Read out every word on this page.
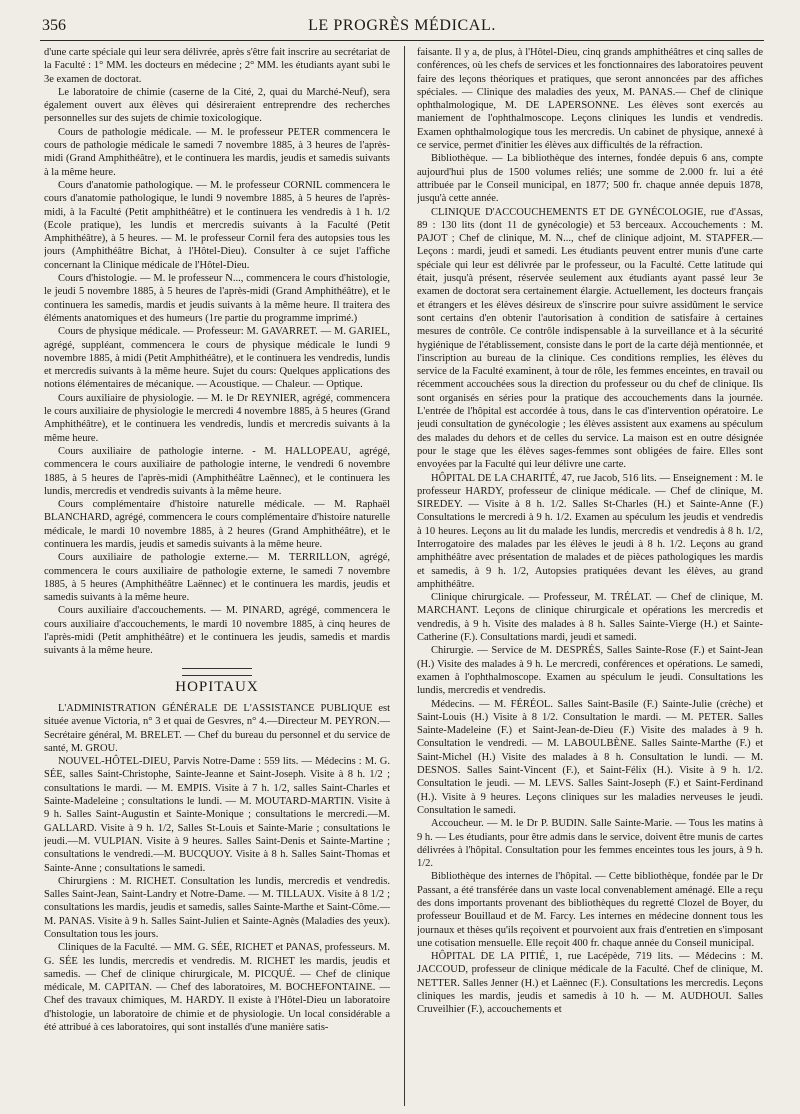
356	LE PROGRÈS MÉDICAL.

d'une carte spéciale qui leur sera délivrée, après s'être fait inscrire au secrétariat de la Faculté : 1° MM. les docteurs en médecine ; 2° MM. les étudiants ayant subi le 3e examen de doctorat.

Le laboratoire de chimie (caserne de la Cité, 2, quai du Marché-Neuf), sera également ouvert aux élèves qui désireraient entreprendre des recherches personnelles sur des sujets de chimie toxicologique.

Cours de pathologie médicale. — M. le professeur PETER commencera le cours de pathologie médicale le samedi 7 novembre 1885, à 3 heures de l'après-midi (Grand Amphithéâtre), et le continuera les mardis, jeudis et samedis suivants à la même heure.

Cours d'anatomie pathologique. — M. le professeur CORNIL commencera le cours d'anatomie pathologique, le lundi 9 novembre 1885, à 5 heures de l'après-midi, à la Faculté (Petit amphithéâtre) et le continuera les vendredis à 1 h. 1/2 (Ecole pratique), les lundis et mercredis suivants à la Faculté (Petit Amphithéâtre), à 5 heures. — M. le professeur Cornil fera des autopsies tous les jours (Amphithéâtre Bichat, à l'Hôtel-Dieu). Consulter à ce sujet l'affiche concernant la Clinique médicale de l'Hôtel-Dieu.

Cours d'histologie. — M. le professeur N..., commencera le cours d'histologie, le jeudi 5 novembre 1885, à 5 heures de l'après-midi (Grand Amphithéâtre), et le continuera les samedis, mardis et jeudis suivants à la même heure. Il traitera des éléments anatomiques et des humeurs (1re partie du programme imprimé.)

Cours de physique médicale. — Professeur: M. GAVARRET. — M. GARIEL, agrégé, suppléant, commencera le cours de physique médicale le lundi 9 novembre 1885, à midi (Petit Amphithéâtre), et le continuera les vendredis, lundis et mercredis suivants à la même heure. Sujet du cours: Quelques applications des notions élémentaires de mécanique. — Acoustique. — Chaleur. — Optique.

Cours auxiliaire de physiologie. — M. le Dr REYNIER, agrégé, commencera le cours auxiliaire de physiologie le mercredi 4 novembre 1885, à 5 heures (Grand Amphithéâtre), et le continuera les vendredis, lundis et mercredis suivants à la même heure.

Cours auxiliaire de pathologie interne. - M. HALLOPEAU, agrégé, commencera le cours auxiliaire de pathologie interne, le vendredi 6 novembre 1885, à 5 heures de l'après-midi (Amphithéâtre Laënnec), et le continuera les lundis, mercredis et vendredis suivants à la même heure.

Cours complémentaire d'histoire naturelle médicale. — M. Raphaël BLANCHARD, agrégé, commencera le cours complémentaire d'histoire naturelle médicale, le mardi 10 novembre 1885, à 2 heures (Grand Amphithéâtre), et le continuera les mardis, jeudis et samedis suivants à la même heure.

Cours auxiliaire de pathologie externe.— M. TERRILLON, agrégé, commencera le cours auxiliaire de pathologie externe, le samedi 7 novembre 1885, à 5 heures (Amphithéâtre Laënnec) et le continuera les mardis, jeudis et samedis suivants à la même heure.

Cours auxiliaire d'accouchements. — M. PINARD, agrégé, commencera le cours auxiliaire d'accouchements, le mardi 10 novembre 1885, à cinq heures de l'après-midi (Petit amphithéâtre) et le continuera les jeudis, samedis et mardis suivants à la même heure.

HOPITAUX

L'ADMINISTRATION GÉNÉRALE DE L'ASSISTANCE PUBLIQUE est située avenue Victoria, n° 3 et quai de Gesvres, n° 4.—Directeur M. PEYRON.— Secrétaire général, M. BRELET. — Chef du bureau du personnel et du service de santé, M. GROU.

NOUVEL-HÔTEL-DIEU, Parvis Notre-Dame : 559 lits. — Médecins : M. G. SÉE, salles Saint-Christophe, Sainte-Jeanne et Saint-Joseph. Visite à 8 h. 1/2 ; consultations le mardi. — M. EMPIS. Visite à 7 h. 1/2, salles Saint-Charles et Sainte-Madeleine ; consultations le lundi. — M. MOUTARD-MARTIN. Visite à 9 h. Salles Saint-Augustin et Sainte-Monique ; consultations le mercredi.—M. GALLARD. Visite à 9 h. 1/2, Salles St-Louis et Sainte-Marie ; consultations le jeudi.—M. VULPIAN. Visite à 9 heures. Salles Saint-Denis et Sainte-Martine ; consultations le vendredi.—M. BUCQUOY. Visite à 8 h. Salles Saint-Thomas et Sainte-Anne ; consultations le samedi.

Chirurgiens : M. RICHET. Consultation les lundis, mercredis et vendredis. Salles Saint-Jean, Saint-Landry et Notre-Dame. — M. TILLAUX. Visite à 8 1/2 ; consultations les mardis, jeudis et samedis, salles Sainte-Marthe et Saint-Côme.—M. PANAS. Visite à 9 h. Salles Saint-Julien et Sainte-Agnès (Maladies des yeux). Consultation tous les jours.

Cliniques de la Faculté. — MM. G. SÉE, RICHET et PANAS, professeurs. M. G. SÉE les lundis, mercredis et vendredis. M. RICHET les mardis, jeudis et samedis. — Chef de clinique chirurgicale, M. PICQUÉ. — Chef de clinique médicale, M. CAPITAN. — Chef des laboratoires, M. BOCHEFONTAINE. — Chef des travaux chimiques, M. HARDY. Il existe à l'Hôtel-Dieu un laboratoire d'histologie, un laboratoire de chimie et de physiologie. Un local considérable a été attribué à ces laboratoires, qui sont installés d'une manière satis-

faisante. Il y a, de plus, à l'Hôtel-Dieu, cinq grands amphithéâtres et cinq salles de conférences, où les chefs de services et les fonctionnaires des laboratoires peuvent faire des leçons théoriques et pratiques, que seront annoncées par des affiches spéciales. — Clinique des maladies des yeux, M. PANAS.— Chef de clinique ophthalmologique, M. DE LAPERSONNE. Les élèves sont exercés au maniement de l'ophthalmoscope. Leçons cliniques les lundis et vendredis. Examen ophthalmologique tous les mercredis. Un cabinet de physique, annexé à ce service, permet d'initier les élèves aux difficultés de la réfraction.

Bibliothèque. — La bibliothèque des internes, fondée depuis 6 ans, compte aujourd'hui plus de 1500 volumes reliés; une somme de 2.000 fr. lui a été attribuée par le Conseil municipal, en 1877; 500 fr. chaque année depuis 1878, jusqu'à cette année.

CLINIQUE D'ACCOUCHEMENTS ET DE GYNÉCOLOGIE, rue d'Assas, 89 : 130 lits (dont 11 de gynécologie) et 53 berceaux. Accouchements : M. PAJOT ; Chef de clinique, M. N..., chef de clinique adjoint, M. STAPFER.— Leçons : mardi, jeudi et samedi. Les étudiants peuvent entrer munis d'une carte spéciale qui leur est délivrée par le professeur, ou la Faculté. Cette latitude qui était, jusqu'à présent, réservée seulement aux étudiants ayant passé leur 3e examen de doctorat sera certainement élargie. Actuellement, les docteurs français et étrangers et les élèves désireux de s'inscrire pour suivre assidûment le service sont certains d'en obtenir l'autorisation à condition de satisfaire à certaines mesures de contrôle. Ce contrôle indispensable à la surveillance et à la sécurité hygiénique de l'établissement, consiste dans le port de la carte déjà mentionnée, et l'inscription au bureau de la clinique. Ces conditions remplies, les élèves du service de la Faculté examinent, à tour de rôle, les femmes enceintes, en travail ou récemment accouchées sous la direction du professeur ou du chef de clinique. Ils sont organisés en séries pour la pratique des accouchements dans la journée. L'entrée de l'hôpital est accordée à tous, dans le cas d'intervention opératoire. Le jeudi consultation de gynécologie ; les élèves assistent aux examens au spéculum des malades du dehors et de celles du service. La maison est en outre désignée pour le stage que les élèves sages-femmes sont obligées de faire. Elles sont envoyées par la Faculté qui leur délivre une carte.

HÔPITAL DE LA CHARITÉ, 47, rue Jacob, 516 lits. — Enseignement : M. le professeur HARDY, professeur de clinique médicale. — Chef de clinique, M. SIREDEY. — Visite à 8 h. 1/2. Salles St-Charles (H.) et Sainte-Anne (F.) Consultations le mercredi à 9 h. 1/2. Examen au spéculum les jeudis et vendredis à 10 heures. Leçons au lit du malade les lundis, mercredis et vendredis à 8 h. 1/2, Interrogatoire des malades par les élèves le jeudi à 8 h. 1/2. Leçons au grand amphithéâtre avec présentation de malades et de pièces pathologiques les mardis et samedis, à 9 h. 1/2, Autopsies pratiquées devant les élèves, au grand amphithéâtre.

Clinique chirurgicale. — Professeur, M. TRÉLAT. — Chef de clinique, M. MARCHANT. Leçons de clinique chirurgicale et opérations les mercredis et vendredis, à 9 h. Visite des malades à 8 h. Salles Sainte-Vierge (H.) et Sainte-Catherine (F.). Consultations mardi, jeudi et samedi.

Chirurgie. — Service de M. DESPRÉS, Salles Sainte-Rose (F.) et Saint-Jean (H.) Visite des malades à 9 h. Le mercredi, conférences et opérations. Le samedi, examen à l'ophthalmoscope. Examen au spéculum le jeudi. Consultations les lundis, mercredis et vendredis.

Médecins. — M. FÉRÉOL. Salles Saint-Basile (F.) Sainte-Julie (crèche) et Saint-Louis (H.) Visite à 8 1/2. Consultation le mardi. — M. PETER. Salles Sainte-Madeleine (F.) et Saint-Jean-de-Dieu (F.) Visite des malades à 9 h. Consultation le vendredi. — M. LABOULBÈNE. Salles Sainte-Marthe (F.) et Saint-Michel (H.) Visite des malades à 8 h. Consultation le lundi. — M. DESNOS. Salles Saint-Vincent (F.), et Saint-Félix (H.). Visite à 9 h. 1/2. Consultation le jeudi. — M. LEVS. Salles Saint-Joseph (F.) et Saint-Ferdinand (H.). Visite à 9 heures. Leçons cliniques sur les maladies nerveuses le jeudi. Consultation le samedi.

Accoucheur. — M. le Dr P. BUDIN. Salle Sainte-Marie. — Tous les matins à 9 h. — Les étudiants, pour être admis dans le service, doivent être munis de cartes délivrées à l'hôpital. Consultation pour les femmes enceintes tous les jours, à 9 h. 1/2.

Bibliothèque des internes de l'hôpital. — Cette bibliothèque, fondée par le Dr Passant, a été transférée dans un vaste local convenablement aménagé. Elle a reçu des dons importants provenant des bibliothèques du regretté Clozel de Boyer, du professeur Bouillaud et de M. Farcy. Les internes en médecine donnent tous les journaux et thèses qu'ils reçoivent et pourvoient aux frais d'entretien en s'imposant une cotisation mensuelle. Elle reçoit 400 fr. chaque année du Conseil municipal.

HÔPITAL DE LA PITIÉ, 1, rue Lacépède, 719 lits. — Médecins : M. JACCOUD, professeur de clinique médicale de la Faculté. Chef de clinique, M. NETTER. Salles Jenner (H.) et Laënnec (F.). Consultations les mercredis. Leçons cliniques les mardis, jeudis et samedis à 10 h. — M. AUDHOUI. Salles Cruveilhier (F.), accouchements et
